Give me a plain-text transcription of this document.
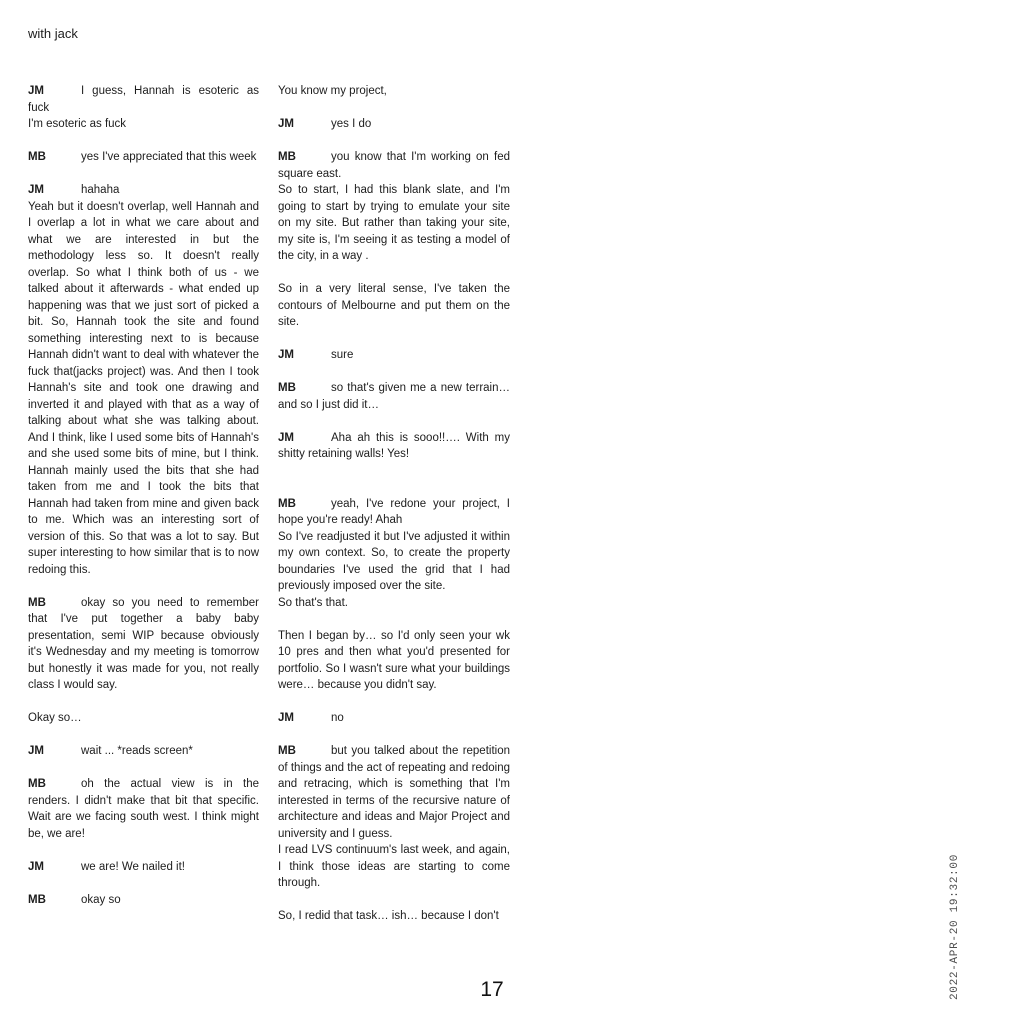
with jack

JM	I guess, Hannah is esoteric as fuck

I'm esoteric as fuck

MB	yes I've appreciated that this week

JM	hahaha

Yeah but it doesn't overlap, well Hannah and I overlap a lot in what we care about and what we are interested in but the methodology less so. It doesn't really overlap. So what I think both of us - we talked about it afterwards - what ended up happening was that we just sort of picked a bit. So, Hannah took the site and found something interesting next to is because Hannah didn't want to deal with whatever the fuck that(jacks project) was. And then I took Hannah's site and took one drawing and inverted it and played with that as a way of talking about what she was talking about. And I think, like I used some bits of Hannah's and she used some bits of mine, but I think. Hannah mainly used the bits that she had taken from me and I took the bits that Hannah had taken from mine and given back to me. Which was an interesting sort of version of this. So that was a lot to say. But super interesting to how similar that is to now redoing this.

MB	okay so you need to remember that I've put together a baby baby presentation, semi WIP because obviously it's Wednesday and my meeting is tomorrow but honestly it was made for you, not really class I would say.

Okay so…

JM	wait ... *reads screen*

MB	oh the actual view is in the renders. I didn't make that bit that specific. Wait are we facing south west. I think might be, we are!

JM	we are! We nailed it!

MB	okay so

You know my project,

JM	yes I do

MB	you know that I'm working on fed square east.

So to start, I had this blank slate, and I'm going to start by trying to emulate your site on my site. But rather than taking your site, my site is, I'm seeing it as testing a model of the city, in a way .

So in a very literal sense, I've taken the contours of Melbourne and put them on the site.

JM	sure

MB	so that's given me a new terrain… and so I just did it…

JM	Aha ah this is sooo!!…. With my shitty retaining walls! Yes!

MB	yeah, I've redone your project, I hope you're ready! Ahah

So I've readjusted it but I've adjusted it within my own context. So, to create the property boundaries I've used the grid that I had previously imposed over the site.

So that's that.

Then I began by… so I'd only seen your wk 10 pres and then what you'd presented for portfolio. So I wasn't sure what your buildings were… because you didn't say.

JM	no

MB	but you talked about the repetition of things and the act of repeating and redoing and retracing, which is something that I'm interested in terms of the recursive nature of architecture and ideas and Major Project and university and I guess.

I read LVS continuum's last week, and again, I think those ideas are starting to come through.

So, I redid that task… ish… because I don't

17	2022-APR-20 19:32:00
